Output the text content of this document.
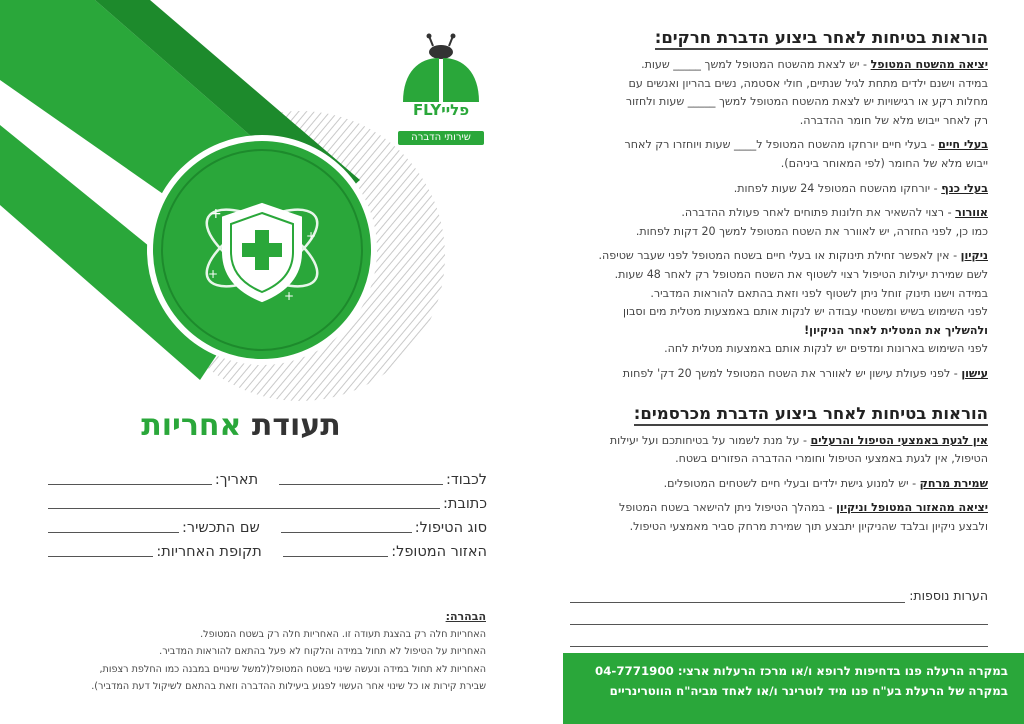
+
+
+
+
FLYפליי
שירותי הדברה
תעודת אחריות
לכבוד:
תאריך:
כתובת:
סוג הטיפול:
שם התכשיר:
האזור המטופל:
תקופת האחריות:
הבהרה:
האחריות חלה רק בהצגת תעודה זו. האחריות חלה רק בשטח המטופל.
האחריות על הטיפול לא תחול במידה והלקוח לא פעל בהתאם להוראות המדביר.
האחריות לא תחול במידה ונעשה שינוי בשטח המטופל(למשל שינויים במבנה כמו החלפת רצפות,
שבירת קירות או כל שינוי אחר העשוי לפגוע ביעילות ההדברה וזאת בהתאם לשיקול דעת המדביר).
הוראות בטיחות לאחר ביצוע הדברת חרקים:
יציאה מהשטח המטופל - יש לצאת מהשטח המטופל למשך _____ שעות.
במידה וישנם ילדים מתחת לגיל שנתיים, חולי אסטמה, נשים בהריון ואנשים עם
מחלות רקע או רגישויות יש לצאת מהשטח המטופל למשך _____ שעות ולחזור
רק לאחר ייבוש מלא של חומר ההדברה.
בעלי חיים - בעלי חיים יורחקו מהשטח המטופל ל____ שעות ויוחזרו רק לאחר
ייבוש מלא של החומר (לפי המאוחר ביניהם).
בעלי כנף - יורחקו מהשטח המטופל 24 שעות לפחות.
אוורור - רצוי להשאיר את חלונות פתוחים לאחר פעולת ההדברה.
כמו כן, לפני החזרה, יש לאוורר את השטח המטופל למשך 20 דקות לפחות.
ניקיון - אין לאפשר זחילת תינוקות או בעלי חיים בשטח המטופל לפני שעבר שטיפה.
לשם שמירת יעילות הטיפול רצוי לשטוף את השטח המטופל רק לאחר 48 שעות.
במידה וישנו תינוק זוחל ניתן לשטוף לפני וזאת בהתאם להוראות המדביר.
לפני השימוש בשיש ומשטחי עבודה יש לנקות אותם באמצעות מטלית מים וסבון
ולהשליך את המטלית לאחר הניקיון!
לפני השימוש בארונות ומדפים יש לנקות אותם באמצעות מטלית לחה.
עישון - לפני פעולת עישון יש לאוורר את השטח המטופל למשך 20 דק' לפחות
הוראות בטיחות לאחר ביצוע הדברת מכרסמים:
אין לגעת באמצעי הטיפול והרעלים - על מנת לשמור על בטיחותכם ועל יעילות
הטיפול, אין לגעת באמצעי הטיפול וחומרי ההדברה הפזורים בשטח.
שמירת מרחק - יש למנוע גישת ילדים ובעלי חיים לשטחים המטופלים.
יציאה מהאזור המטופל וניקיון - במהלך הטיפול ניתן להישאר בשטח המטופל
ולבצע ניקיון ובלבד שהניקיון יתבצע תוך שמירת מרחק סביר מאמצעי הטיפול.
הערות נוספות:
במקרה הרעלה פנו בדחיפות לרופא ו/או מרכז הרעלות ארצי: 04-7771900
במקרה של הרעלת בע"ח פנו מיד לוטרינר ו/או לאחד מביה"ח הווטרינריים
